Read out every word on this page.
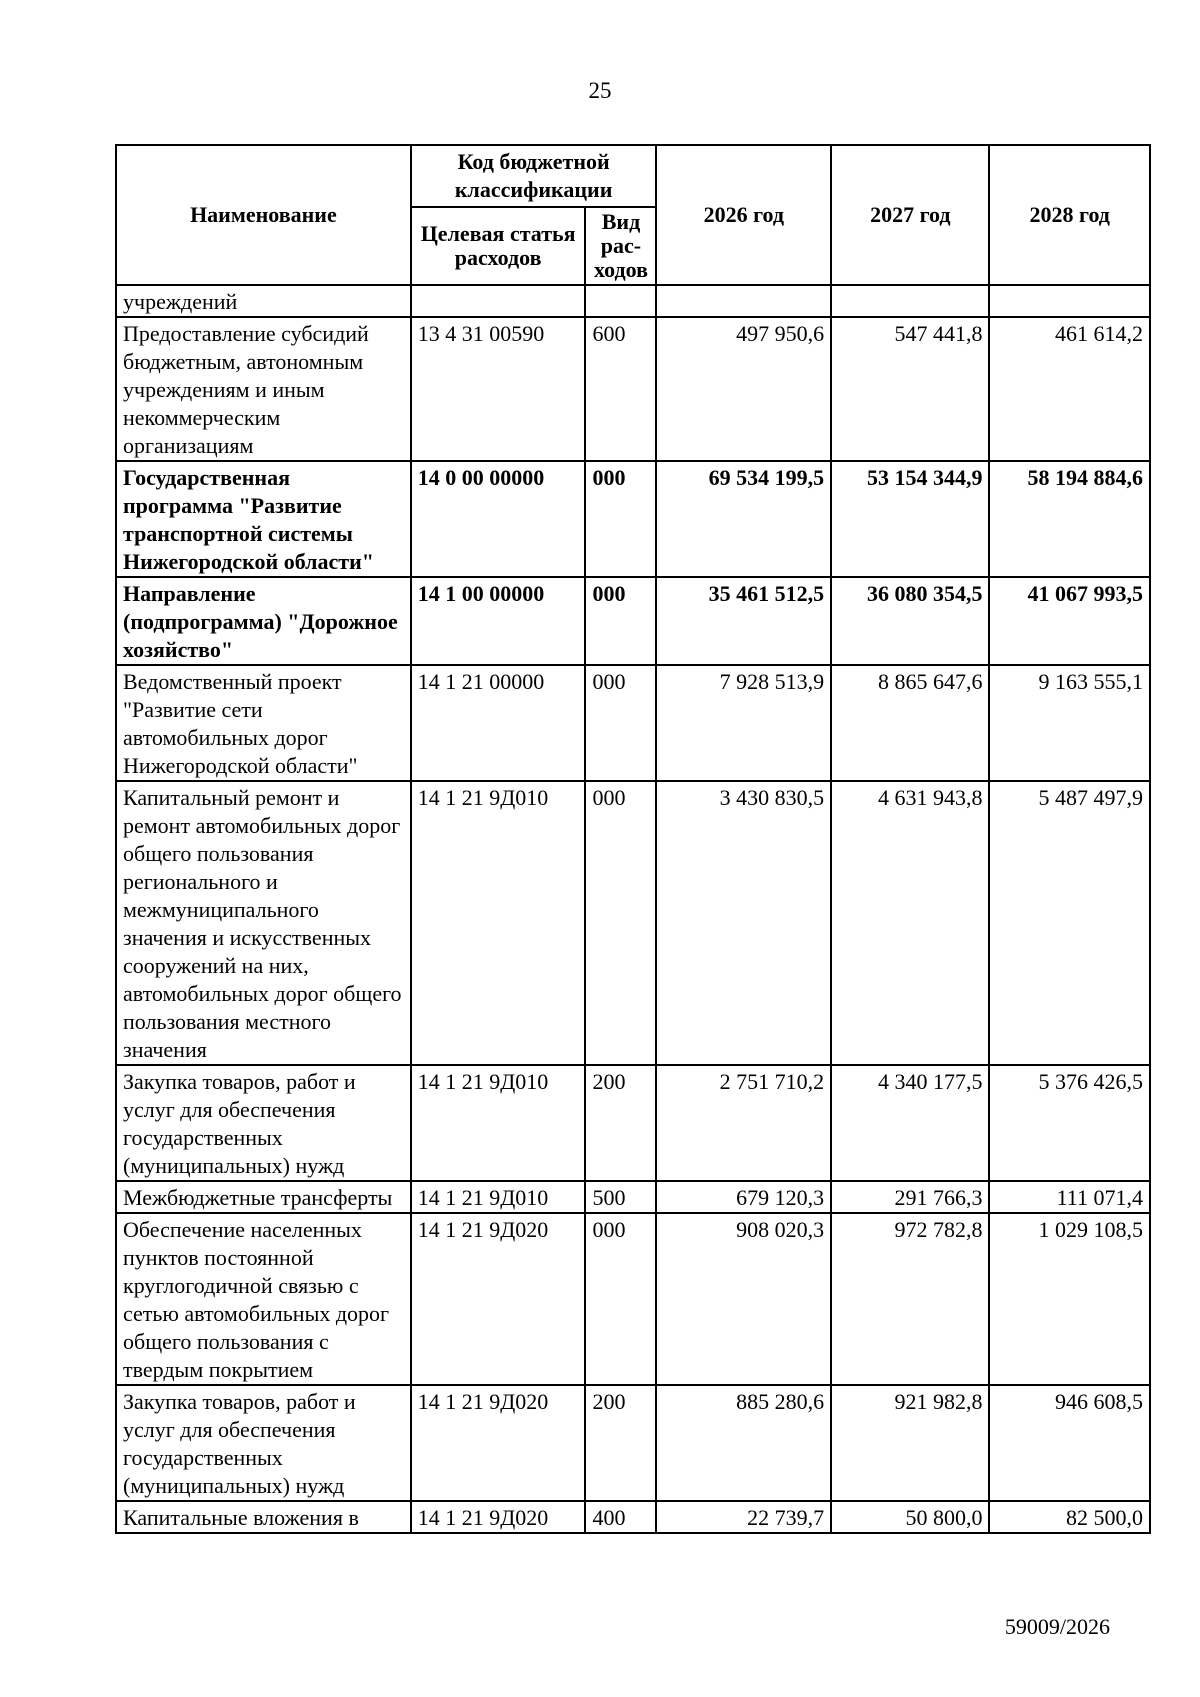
25
Наименование	Код бюджетной классификации		2026 год	2027 год	2028 год
	Целевая статья расходов	Вид рас-ходов			
учреждений					
Предоставление субсидий бюджетным, автономным учреждениям и иным некоммерческим организациям	13 4 31 00590	600	497 950,6	547 441,8	461 614,2
Государственная программа "Развитие транспортной системы Нижегородской области"	14 0 00 00000	000	69 534 199,5	53 154 344,9	58 194 884,6
Направление (подпрограмма) "Дорожное хозяйство"	14 1 00 00000	000	35 461 512,5	36 080 354,5	41 067 993,5
Ведомственный проект "Развитие сети автомобильных дорог Нижегородской области"	14 1 21 00000	000	7 928 513,9	8 865 647,6	9 163 555,1
Капитальный ремонт и ремонт автомобильных дорог общего пользования регионального и межмуниципального значения и искусственных сооружений на них, автомобильных дорог общего пользования местного значения	14 1 21 9Д010	000	3 430 830,5	4 631 943,8	5 487 497,9
Закупка товаров, работ и услуг для обеспечения государственных (муниципальных) нужд	14 1 21 9Д010	200	2 751 710,2	4 340 177,5	5 376 426,5
Межбюджетные трансферты	14 1 21 9Д010	500	679 120,3	291 766,3	111 071,4
Обеспечение населенных пунктов постоянной круглогодичной связью с сетью автомобильных дорог общего пользования с твердым покрытием	14 1 21 9Д020	000	908 020,3	972 782,8	1 029 108,5
Закупка товаров, работ и услуг для обеспечения государственных (муниципальных) нужд	14 1 21 9Д020	200	885 280,6	921 982,8	946 608,5
Капитальные вложения в	14 1 21 9Д020	400	22 739,7	50 800,0	82 500,0
59009/2026
